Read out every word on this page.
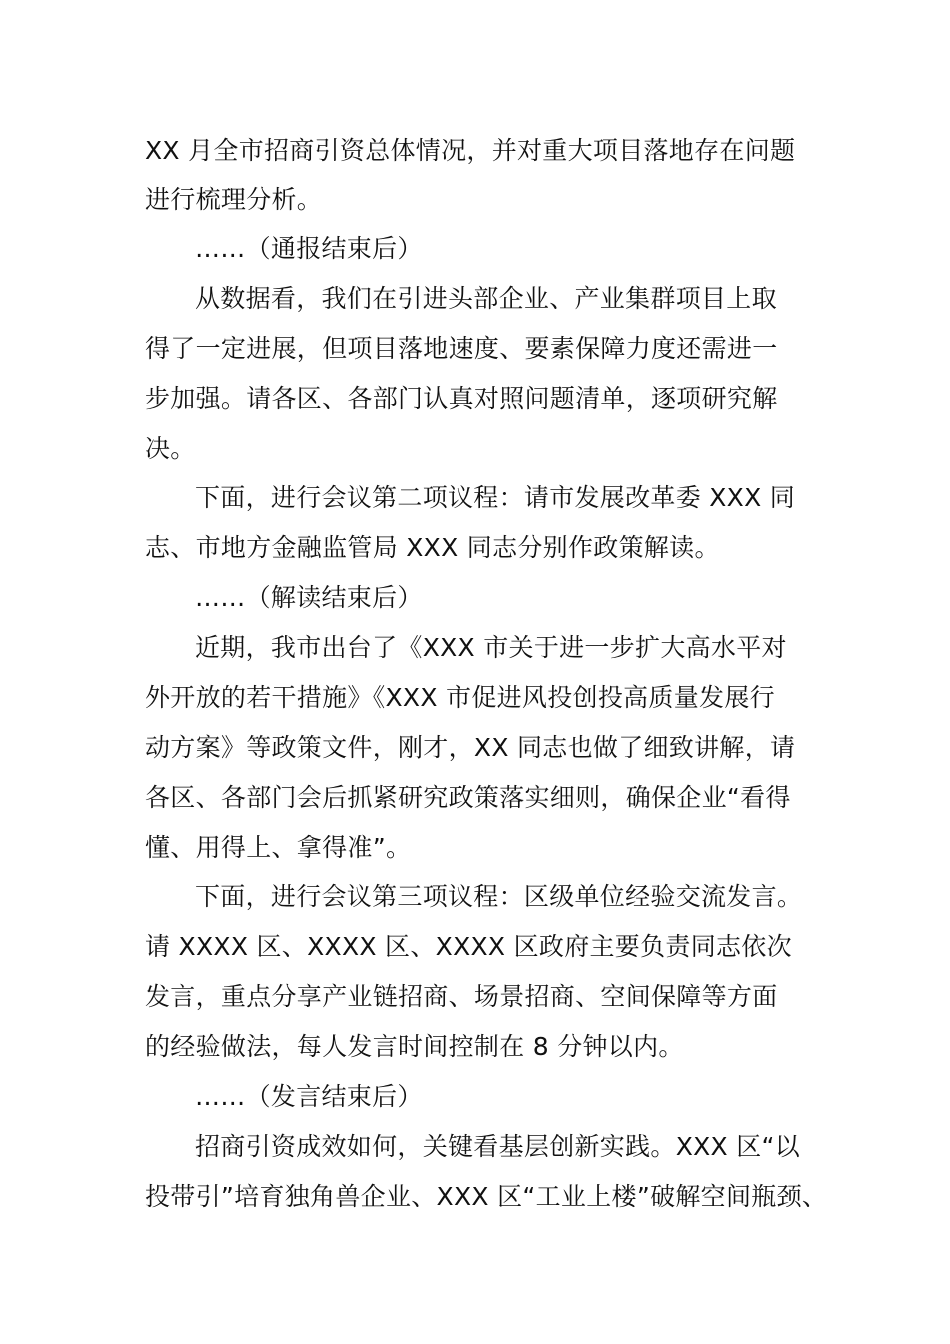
XX 月全市招商引资总体情况，并对重大项目落地存在问题
进行梳理分析。
……（通报结束后）
从数据看，我们在引进头部企业、产业集群项目上取
得了一定进展，但项目落地速度、要素保障力度还需进一
步加强。请各区、各部门认真对照问题清单，逐项研究解
决。
下面，进行会议第二项议程：请市发展改革委 XXX 同
志、市地方金融监管局 XXX 同志分别作政策解读。
……（解读结束后）
近期，我市出台了《XXX 市关于进一步扩大高水平对
外开放的若干措施》《XXX 市促进风投创投高质量发展行
动方案》等政策文件，刚才，XX 同志也做了细致讲解，请
各区、各部门会后抓紧研究政策落实细则，确保企业“看得
懂、用得上、拿得准”。
下面，进行会议第三项议程：区级单位经验交流发言。
请 XXXX 区、XXXX 区、XXXX 区政府主要负责同志依次
发言，重点分享产业链招商、场景招商、空间保障等方面
的经验做法，每人发言时间控制在 8 分钟以内。
……（发言结束后）
招商引资成效如何，关键看基层创新实践。XXX 区“以
投带引”培育独角兽企业、XXX 区“工业上楼”破解空间瓶颈、
